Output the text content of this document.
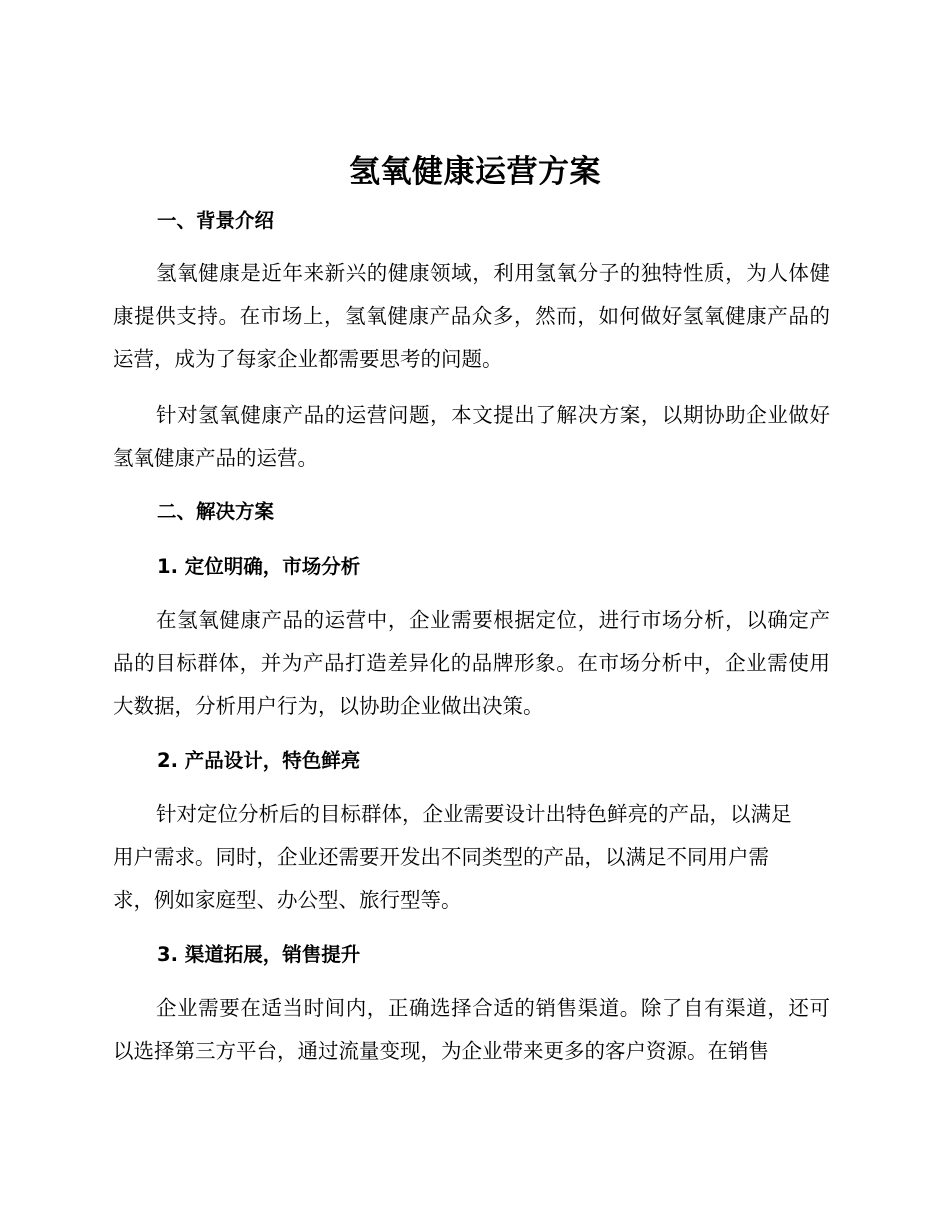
氢氧健康运营方案
一、背景介绍

氢氧健康是近年来新兴的健康领域，利用氢氧分子的独特性质，为人体健康提供支持。在市场上，氢氧健康产品众多，然而，如何做好氢氧健康产品的运营，成为了每家企业都需要思考的问题。

针对氢氧健康产品的运营问题，本文提出了解决方案，以期协助企业做好氢氧健康产品的运营。

二、解决方案
1. 定位明确，市场分析

在氢氧健康产品的运营中，企业需要根据定位，进行市场分析，以确定产品的目标群体，并为产品打造差异化的品牌形象。在市场分析中，企业需使用大数据，分析用户行为，以协助企业做出决策。

2. 产品设计，特色鲜亮
针对定位分析后的目标群体，企业需要设计出特色鲜亮的产品，以满足
用户需求。同时，企业还需要开发出不同类型的产品，以满足不同用户需
求，例如家庭型、办公型、旅行型等。
3. 渠道拓展，销售提升

企业需要在适当时间内，正确选择合适的销售渠道。除了自有渠道，还可以选择第三方平台，通过流量变现，为企业带来更多的客户资源。在销售
